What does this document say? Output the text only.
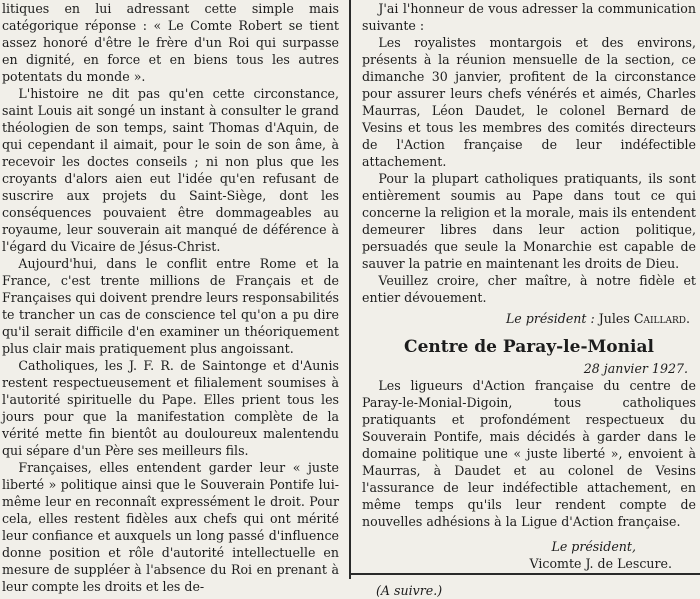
litiques en lui adressant cette simple mais catégorique réponse : « Le Comte Robert se tient assez honoré d'être le frère d'un Roi qui surpasse en dignité, en force et en biens tous les autres potentats du monde ».

L'histoire ne dit pas qu'en cette circonstance, saint Louis ait songé un instant à consulter le grand théologien de son temps, saint Thomas d'Aquin, de qui cependant il aimait, pour le soin de son âme, à recevoir les doctes conseils ; ni non plus que les croyants d'alors aien eut l'idée qu'en refusant de suscrire aux projets du Saint-Siège, dont les conséquences pouvaient être dommageables au royaume, leur souverain ait manqué de déférence à l'égard du Vicaire de Jésus-Christ.

Aujourd'hui, dans le conflit entre Rome et la France, c'est trente millions de Français et de Françaises qui doivent prendre leurs responsabilités te trancher un cas de conscience tel qu'on a pu dire qu'il serait difficile d'en examiner un théoriquement plus clair mais pratiquement plus angoissant.

Catholiques, les J. F. R. de Saintonge et d'Aunis restent respectueusement et filialement soumises à l'autorité spirituelle du Pape. Elles prient tous les jours pour que la manifestation complète de la vérité mette fin bientôt au douloureux malentendu qui sépare d'un Père ses meilleurs fils.

Françaises, elles entendent garder leur « juste liberté » politique ainsi que le Souverain Pontife lui-même leur en reconnaît expressément le droit. Pour cela, elles restent fidèles aux chefs qui ont mérité leur confiance et auxquels un long passé d'influence donne position et rôle d'autorité intellectuelle en mesure de suppléer à l'absence du Roi en prenant à leur compte les droits et les de-

J'ai l'honneur de vous adresser la communication suivante :

Les royalistes montargois et des environs, présents à la réunion mensuelle de la section, ce dimanche 30 janvier, profitent de la circonstance pour assurer leurs chefs vénérés et aimés, Charles Maurras, Léon Daudet, le colonel Bernard de Vesins et tous les membres des comités directeurs de l'Action française de leur indéfectible attachement.

Pour la plupart catholiques pratiquants, ils sont entièrement soumis au Pape dans tout ce qui concerne la religion et la morale, mais ils entendent demeurer libres dans leur action politique, persuadés que seule la Monarchie est capable de sauver la patrie en maintenant les droits de Dieu.

Veuillez croire, cher maître, à notre fidèle et entier dévouement.

Le président : Jules Caillard.
Centre de Paray-le-Monial
28 janvier 1927.

Les ligueurs d'Action française du centre de Paray-le-Monial-Digoin, tous catholiques pratiquants et profondément respectueux du Souverain Pontife, mais décidés à garder dans le domaine politique une « juste liberté », envoient à Maurras, à Daudet et au colonel de Vesins l'assurance de leur indéfectible attachement, en même temps qu'ils leur rendent compte de nouvelles adhésions à la Ligue d'Action française.

Le président,
Vicomte J. de Lescure.
(A suivre.)
